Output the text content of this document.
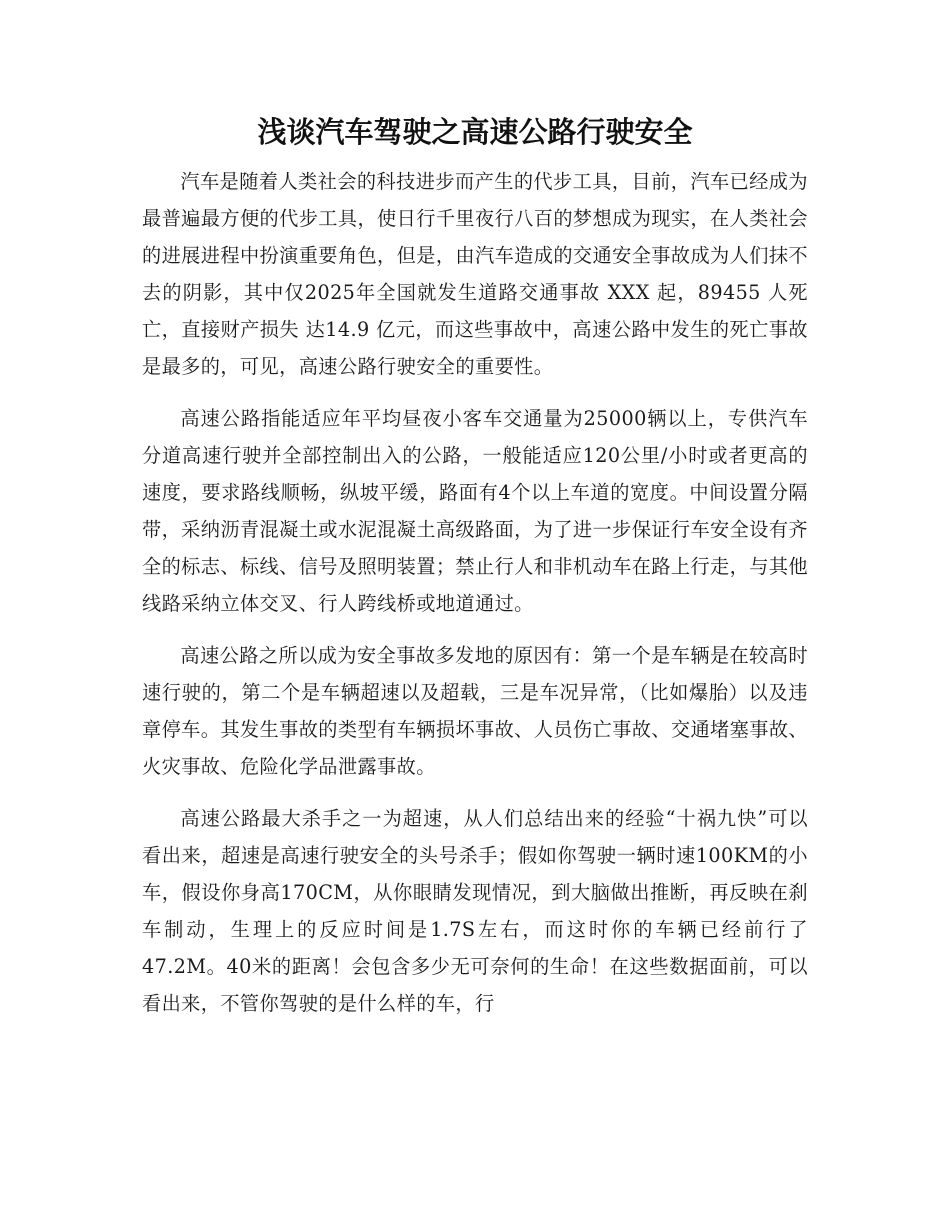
浅谈汽车驾驶之高速公路行驶安全

汽车是随着人类社会的科技进步而产生的代步工具，目前，汽车已经成为最普遍最方便的代步工具，使日行千里夜行八百的梦想成为现实，在人类社会的进展进程中扮演重要角色，但是，由汽车造成的交通安全事故成为人们抹不去的阴影，其中仅2025年全国就发生道路交通事故 XXX 起，89455 人死亡，直接财产损失 达14.9 亿元，而这些事故中，高速公路中发生的死亡事故是最多的，可见，高速公路行驶安全的重要性。

高速公路指能适应年平均昼夜小客车交通量为25000辆以上，专供汽车分道高速行驶并全部控制出入的公路，一般能适应120公里/小时或者更高的速度，要求路线顺畅，纵坡平缓，路面有4个以上车道的宽度。中间设置分隔带，采纳沥青混凝土或水泥混凝土高级路面，为了进一步保证行车安全设有齐全的标志、标线、信号及照明装置；禁止行人和非机动车在路上行走，与其他线路采纳立体交叉、行人跨线桥或地道通过。

高速公路之所以成为安全事故多发地的原因有：第一个是车辆是在较高时速行驶的，第二个是车辆超速以及超载，三是车况异常，（比如爆胎）以及违章停车。其发生事故的类型有车辆损坏事故、人员伤亡事故、交通堵塞事故、火灾事故、危险化学品泄露事故。

高速公路最大杀手之一为超速，从人们总结出来的经验“十祸九快”可以看出来，超速是高速行驶安全的头号杀手；假如你驾驶一辆时速100KM的小车，假设你身高170CM，从你眼睛发现情况，到大脑做出推断，再反映在刹车制动，生理上的反应时间是1.7S左右，而这时你的车辆已经前行了47.2M。40米的距离！会包含多少无可奈何的生命！在这些数据面前，可以看出来，不管你驾驶的是什么样的车，行
